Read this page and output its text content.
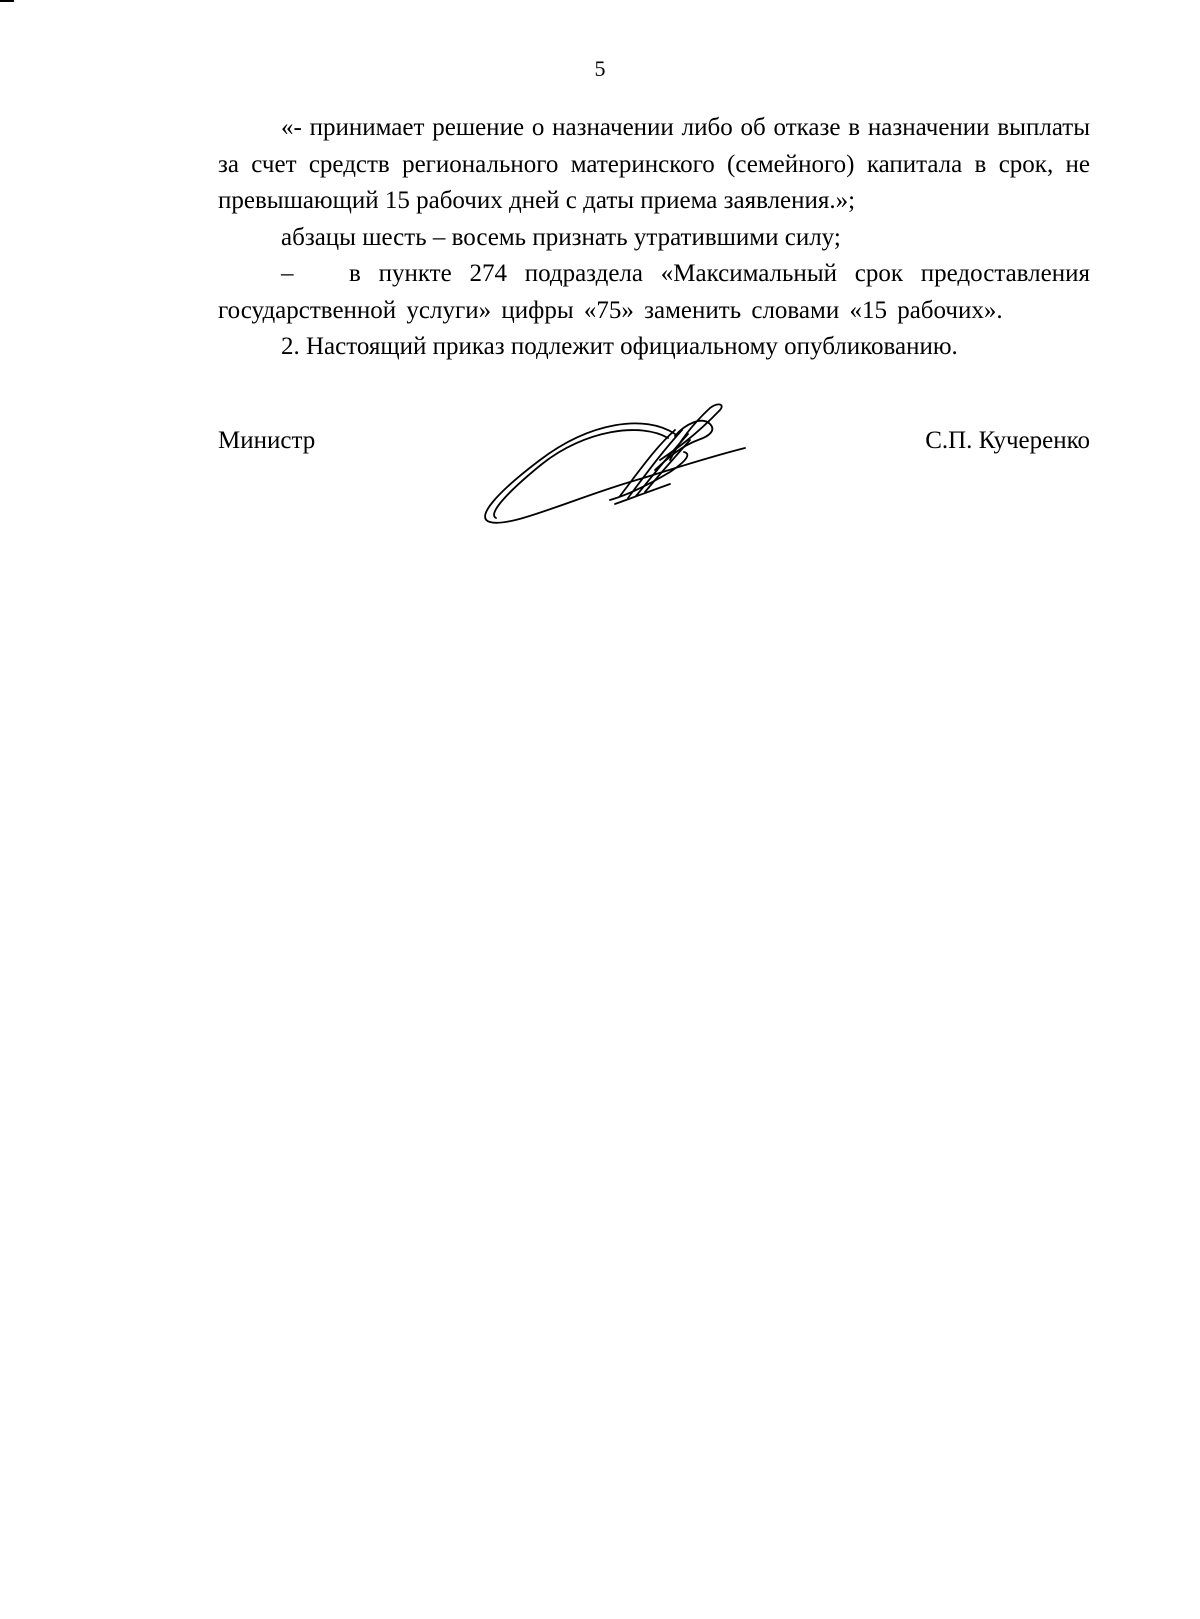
5

«- принимает решение о назначении либо об отказе в назначении выплаты за счет средств регионального материнского (семейного) капитала в срок, не превышающий 15 рабочих дней с даты приема заявления.»;

абзацы шесть – восемь признать утратившими силу;

– в пункте 274 подраздела «Максимальный срок предоставления государственной услуги» цифры «75» заменить словами «15 рабочих».

2. Настоящий приказ подлежит официальному опубликованию.

Министр	С.П. Кучеренко
